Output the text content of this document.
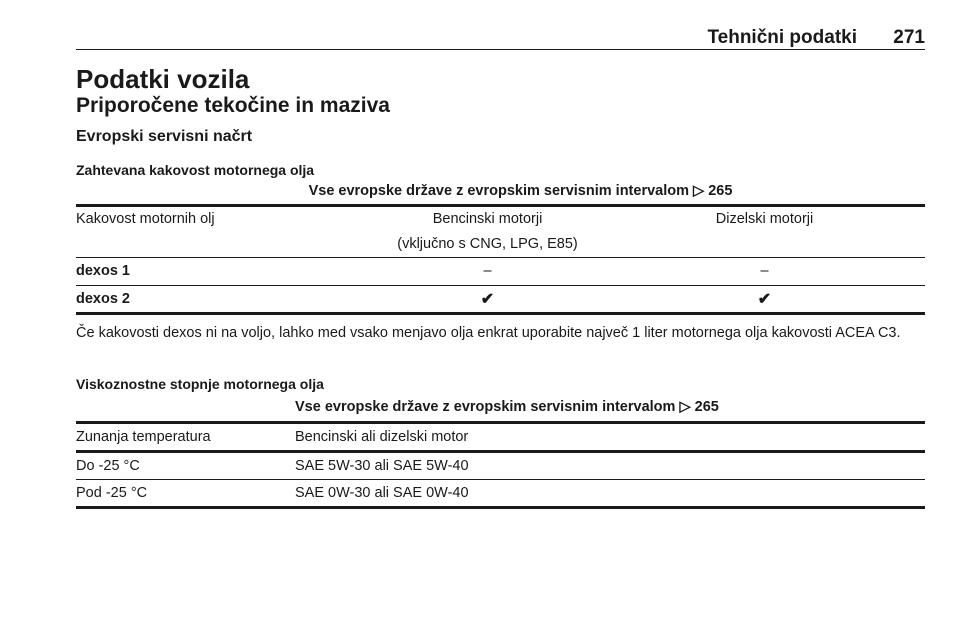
Tehnični podatki 271
Podatki vozila
Priporočene tekočine in maziva
Evropski servisni načrt
Zahtevana kakovost motornega olja
Vse evropske države z evropskim servisnim intervalom ▷ 265		
Kakovost motornih olj	Bencinski motorji	Dizelski motorji
	(vključno s CNG, LPG, E85)	
dexos 1	–	–
dexos 2	✔	✔
Če kakovosti dexos ni na voljo, lahko med vsako menjavo olja enkrat uporabite največ 1 liter motornega olja kakovosti ACEA C3.
Viskoznostne stopnje motornega olja
	Vse evropske države z evropskim servisnim intervalom ▷ 265
Zunanja temperatura	Bencinski ali dizelski motor
Do -25 °C	SAE 5W-30 ali SAE 5W-40
Pod -25 °C	SAE 0W-30 ali SAE 0W-40
